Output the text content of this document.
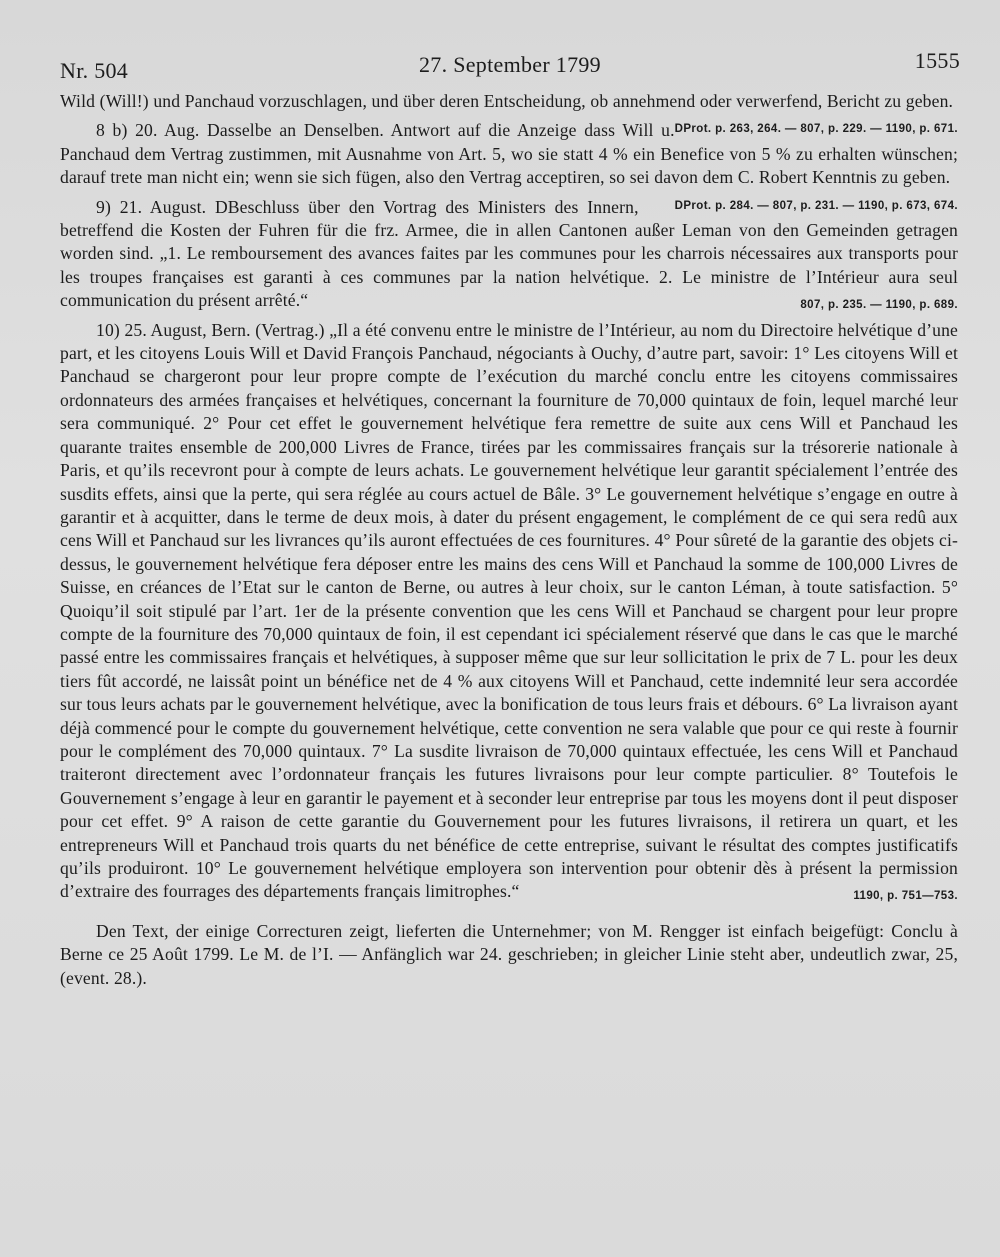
Nr. 504	27. September 1799	1555

Wild (Will!) und Panchaud vorzuschlagen, und über deren Entscheidung, ob annehmend oder verwerfend, Bericht zu geben.
DProt. p. 263, 264. — 807, p. 229. — 1190, p. 671.

8 b) 20. Aug. Dasselbe an Denselben. Antwort auf die Anzeige dass Will u. Panchaud dem Vertrag zustimmen, mit Ausnahme von Art. 5, wo sie statt 4 % ein Benefice von 5 % zu erhalten wünschen; darauf trete man nicht ein; wenn sie sich fügen, also den Vertrag acceptiren, so sei davon dem C. Robert Kenntnis zu geben.
DProt. p. 284. — 807, p. 231. — 1190, p. 673, 674.

9) 21. August. DBeschluss über den Vortrag des Ministers des Innern, betreffend die Kosten der Fuhren für die frz. Armee, die in allen Cantonen außer Leman von den Gemeinden getragen worden sind. „1. Le remboursement des avances faites par les communes pour les charrois nécessaires aux transports pour les troupes françaises est garanti à ces communes par la nation helvétique. 2. Le ministre de l’Intérieur aura seul communication du présent arrêté.“	807, p. 235. — 1190, p. 689.

10) 25. August, Bern. (Vertrag.) „Il a été convenu entre le ministre de l’Intérieur, au nom du Directoire helvétique d’une part, et les citoyens Louis Will et David François Panchaud, négociants à Ouchy, d’autre part, savoir: 1° Les citoyens Will et Panchaud se chargeront pour leur propre compte de l’exécution du marché conclu entre les citoyens commissaires ordonnateurs des armées françaises et helvétiques, concernant la fourniture de 70,000 quintaux de foin, lequel marché leur sera communiqué. 2° Pour cet effet le gouvernement helvétique fera remettre de suite aux cens Will et Panchaud les quarante traites ensemble de 200,000 Livres de France, tirées par les commissaires français sur la trésorerie nationale à Paris, et qu’ils recevront pour à compte de leurs achats. Le gouvernement helvétique leur garantit spécialement l’entrée des susdits effets, ainsi que la perte, qui sera réglée au cours actuel de Bâle. 3° Le gouvernement helvétique s’engage en outre à garantir et à acquitter, dans le terme de deux mois, à dater du présent engagement, le complément de ce qui sera redû aux cens Will et Panchaud sur les livrances qu’ils auront effectuées de ces fournitures. 4° Pour sûreté de la garantie des objets ci-dessus, le gouvernement helvétique fera déposer entre les mains des cens Will et Panchaud la somme de 100,000 Livres de Suisse, en créances de l’Etat sur le canton de Berne, ou autres à leur choix, sur le canton Léman, à toute satisfaction. 5° Quoiqu’il soit stipulé par l’art. 1er de la présente convention que les cens Will et Panchaud se chargent pour leur propre compte de la fourniture des 70,000 quintaux de foin, il est cependant ici spécialement réservé que dans le cas que le marché passé entre les commissaires français et helvétiques, à supposer même que sur leur sollicitation le prix de 7 L. pour les deux tiers fût accordé, ne laissât point un bénéfice net de 4 % aux citoyens Will et Panchaud, cette indemnité leur sera accordée sur tous leurs achats par le gouvernement helvétique, avec la bonification de tous leurs frais et débours. 6° La livraison ayant déjà commencé pour le compte du gouvernement helvétique, cette convention ne sera valable que pour ce qui reste à fournir pour le complément des 70,000 quintaux. 7° La susdite livraison de 70,000 quintaux effectuée, les cens Will et Panchaud traiteront directement avec l’ordonnateur français les futures livraisons pour leur compte particulier. 8° Toutefois le Gouvernement s’engage à leur en garantir le payement et à seconder leur entreprise par tous les moyens dont il peut disposer pour cet effet. 9° A raison de cette garantie du Gouvernement pour les futures livraisons, il retirera un quart, et les entrepreneurs Will et Panchaud trois quarts du net bénéfice de cette entreprise, suivant le résultat des comptes justificatifs qu’ils produiront. 10° Le gouvernement helvétique employera son intervention pour obtenir dès à présent la permission d’extraire des fourrages des départements français limitrophes.“	1190, p. 751—753.

Den Text, der einige Correcturen zeigt, lieferten die Unternehmer; von M. Rengger ist einfach beigefügt: Conclu à Berne ce 25 Août 1799. Le M. de l’I. — Anfänglich war 24. geschrieben; in gleicher Linie steht aber, undeutlich zwar, 25, (event. 28.).
